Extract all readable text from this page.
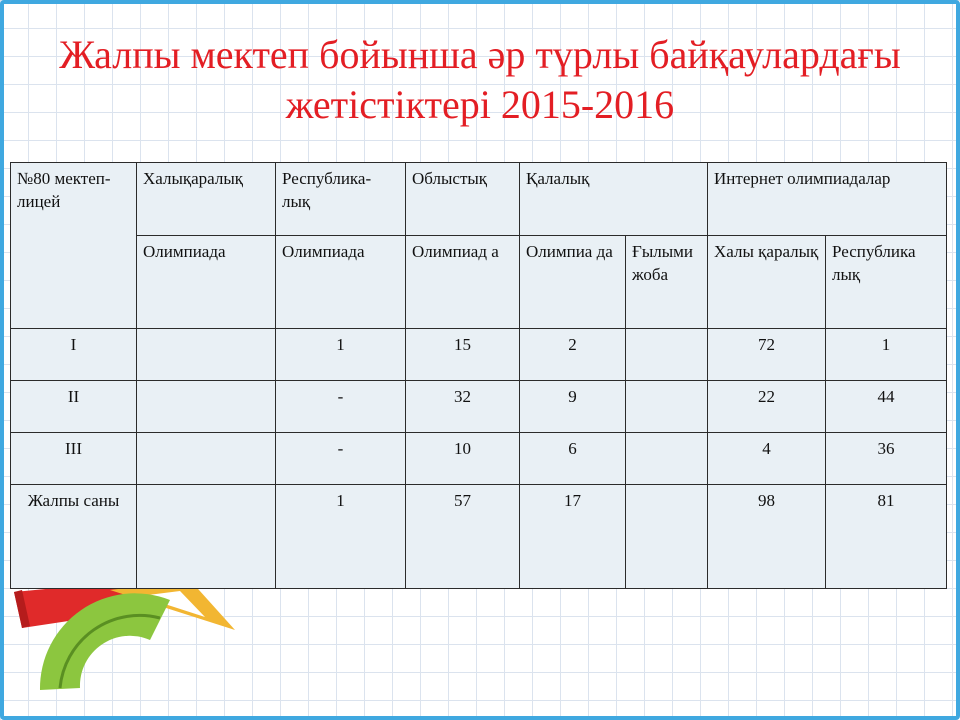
Жалпы мектеп бойынша әр түрлы байқаулардағы
жетістіктері 2015-2016
№80 мектеп-лицей	Халықаралық	Республика-лық	Облыстық	Қалалық		Интернет олимпиадалар	
	Олимпиада	Олимпиада	Олимпиад а	Олимпиа да	Ғылыми жоба	Халы қаралық	Республика лық
I		1	15	2		72	1
II		-	32	9		22	44
III		-	10	6		4	36
Жалпы саны		1	57	17		98	81
